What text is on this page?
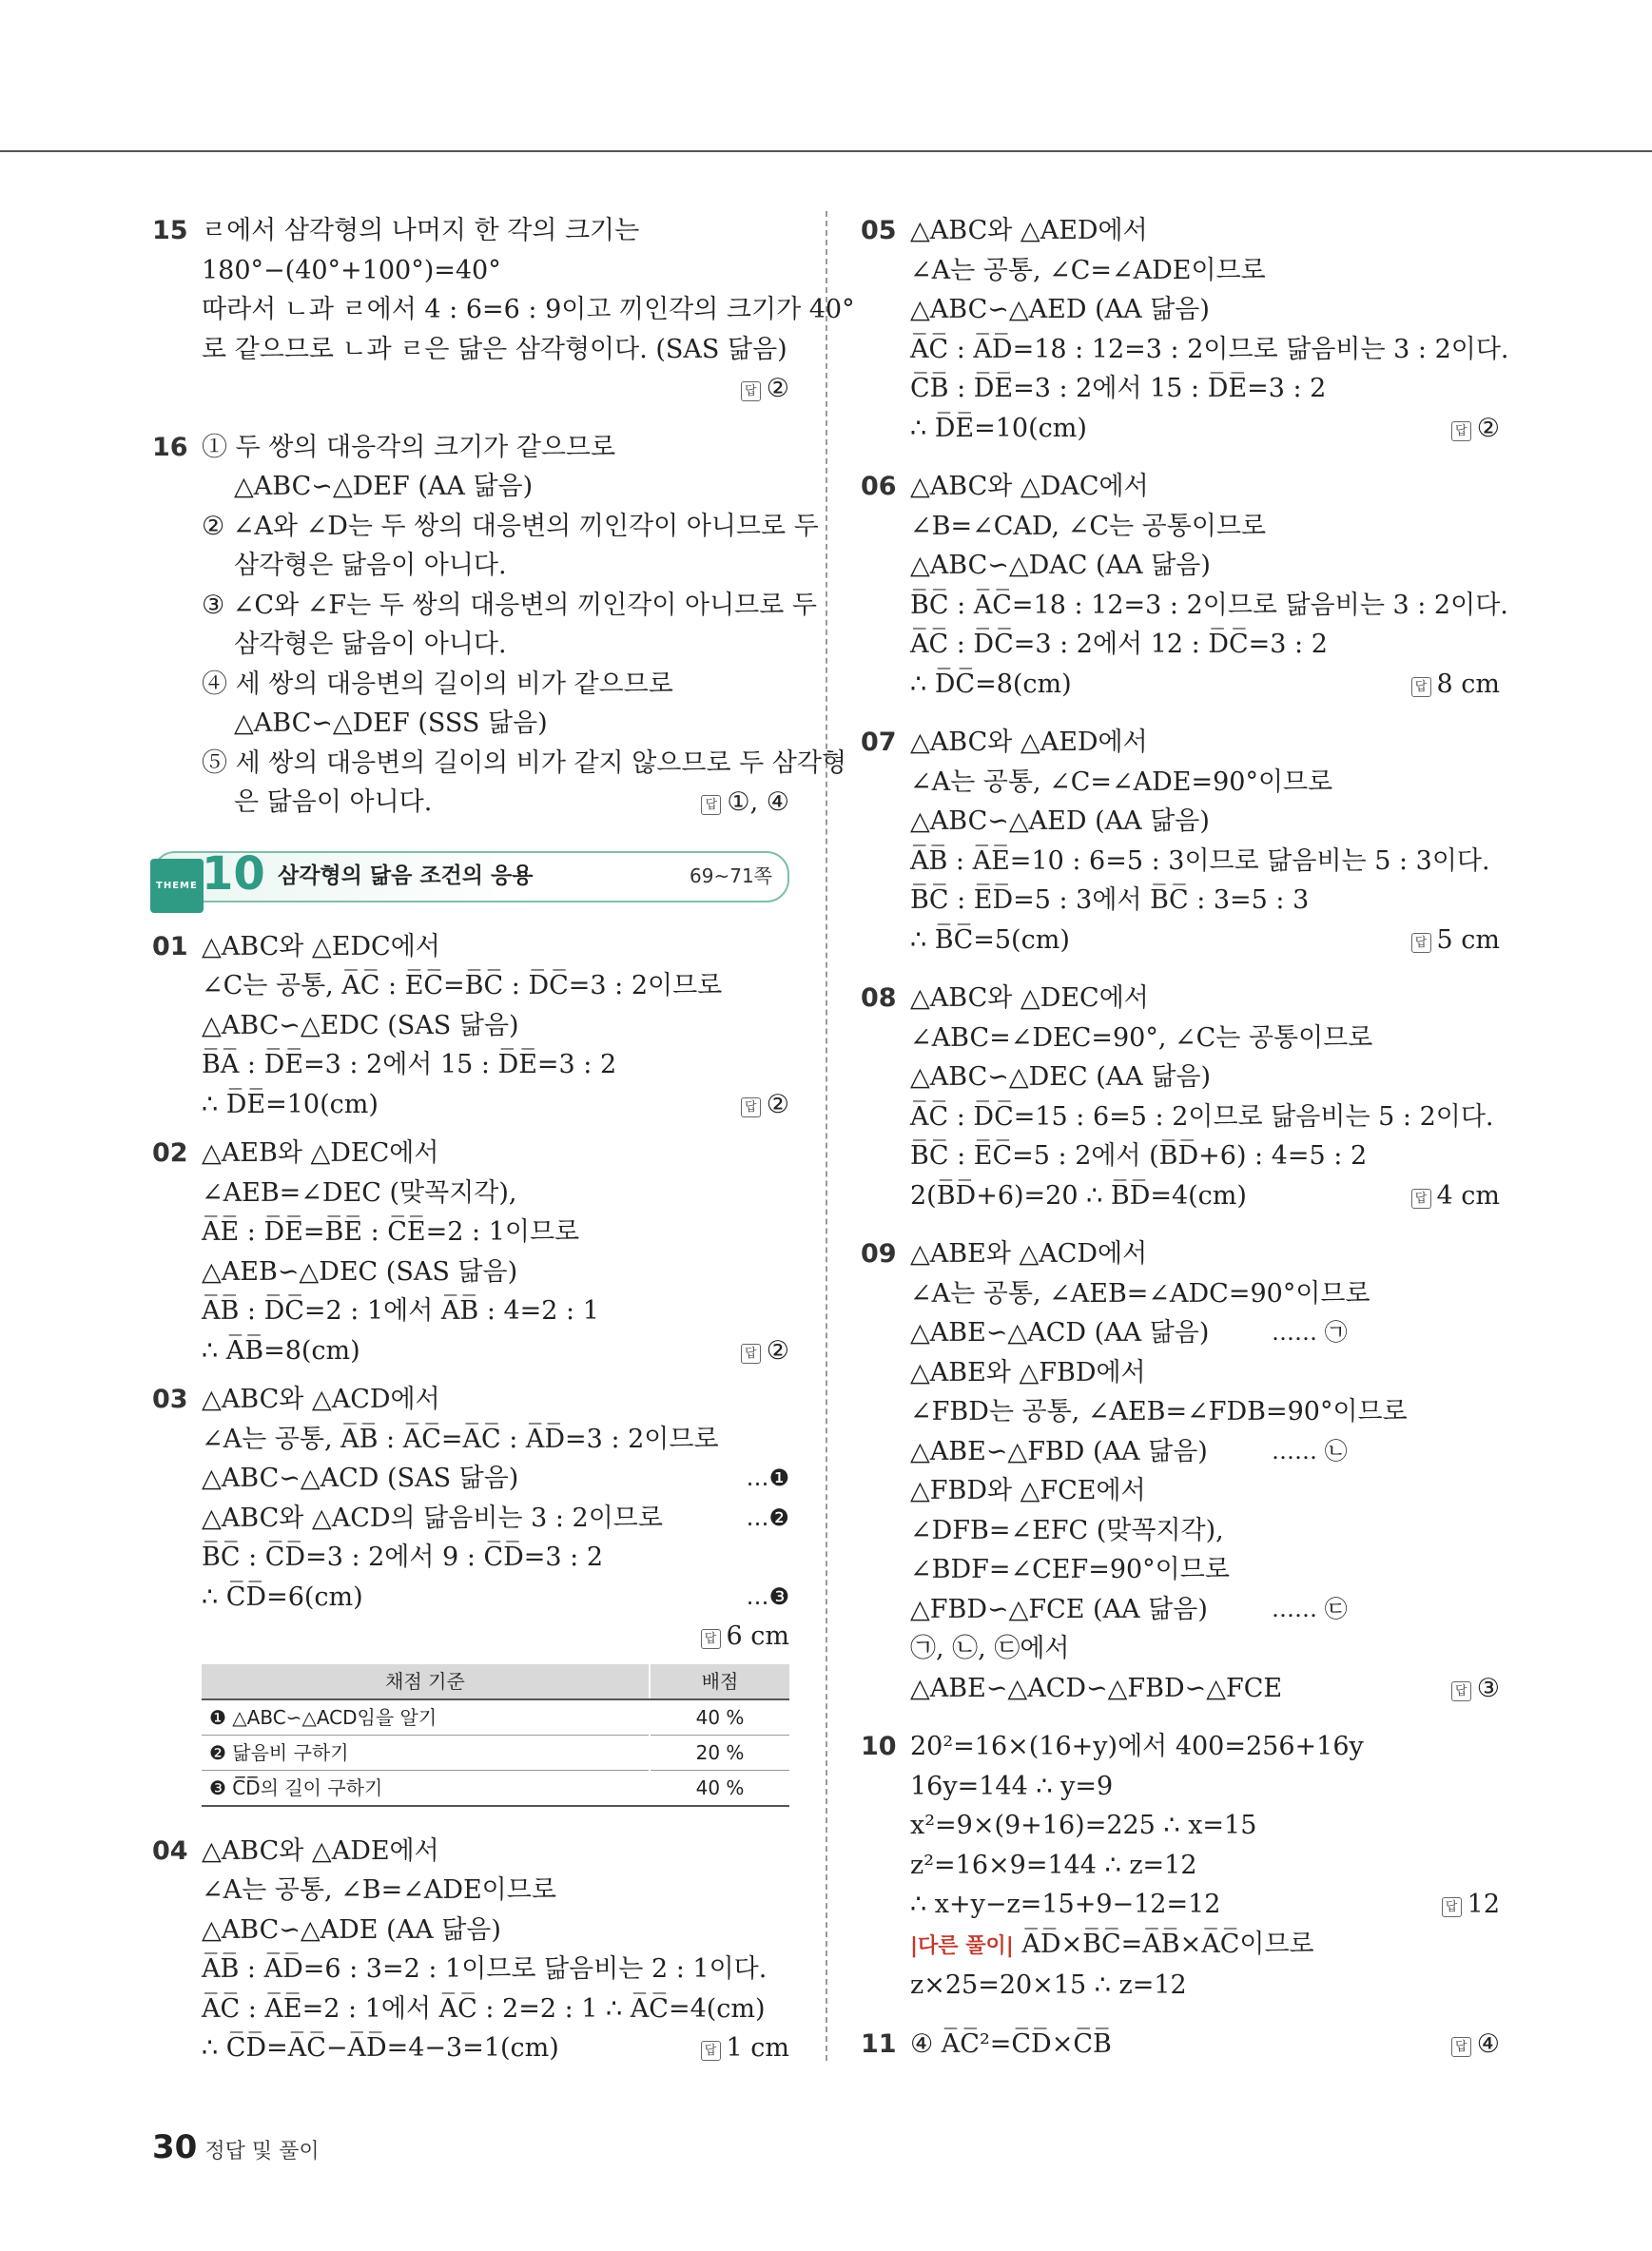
15 ㄹ에서 삼각형의 나머지 한 각의 크기는
180°−(40°+100°)=40°
따라서 ㄴ과 ㄹ에서 4 : 6=6 : 9이고 끼인각의 크기가 40°
로 같으므로 ㄴ과 ㄹ은 닮은 삼각형이다. (SAS 닮음)
답 ②
16 ① 두 쌍의 대응각의 크기가 같으므로
△ABC∽△DEF (AA 닮음)
② ∠A와 ∠D는 두 쌍의 대응변의 끼인각이 아니므로 두
삼각형은 닮음이 아니다.
③ ∠C와 ∠F는 두 쌍의 대응변의 끼인각이 아니므로 두
삼각형은 닮음이 아니다.
④ 세 쌍의 대응변의 길이의 비가 같으므로
△ABC∽△DEF (SSS 닮음)
⑤ 세 쌍의 대응변의 길이의 비가 같지 않으므로 두 삼각형
은 닮음이 아니다.	답 ①, ④
THEME 10 삼각형의 닮음 조건의 응용	69~71쪽
01 △ABC와 △EDC에서
∠C는 공통, A̅C̅ : E̅C̅=B̅C̅ : D̅C̅=3 : 2이므로
△ABC∽△EDC (SAS 닮음)
B̅A̅ : D̅E̅=3 : 2에서 15 : D̅E̅=3 : 2
∴ D̅E̅=10(cm)	답 ②
02 △AEB와 △DEC에서
∠AEB=∠DEC (맞꼭지각),
A̅E̅ : D̅E̅=B̅E̅ : C̅E̅=2 : 1이므로
△AEB∽△DEC (SAS 닮음)
A̅B̅ : D̅C̅=2 : 1에서 A̅B̅ : 4=2 : 1
∴ A̅B̅=8(cm)	답 ②
03 △ABC와 △ACD에서
∠A는 공통, A̅B̅ : A̅C̅=A̅C̅ : A̅D̅=3 : 2이므로
△ABC∽△ACD (SAS 닮음)	…❶
△ABC와 △ACD의 닮음비는 3 : 2이므로	…❷
B̅C̅ : C̅D̅=3 : 2에서 9 : C̅D̅=3 : 2
∴ C̅D̅=6(cm)	…❸
답 6 cm
채점 기준	배점
❶ △ABC∽△ACD임을 알기	40 %
❷ 닮음비 구하기	20 %
❸ C̅D̅의 길이 구하기	40 %
04 △ABC와 △ADE에서
∠A는 공통, ∠B=∠ADE이므로
△ABC∽△ADE (AA 닮음)
A̅B̅ : A̅D̅=6 : 3=2 : 1이므로 닮음비는 2 : 1이다.
A̅C̅ : A̅E̅=2 : 1에서 A̅C̅ : 2=2 : 1 ∴ A̅C̅=4(cm)
∴ C̅D̅=A̅C̅−A̅D̅=4−3=1(cm)	답 1 cm
05 △ABC와 △AED에서
∠A는 공통, ∠C=∠ADE이므로
△ABC∽△AED (AA 닮음)
A̅C̅ : A̅D̅=18 : 12=3 : 2이므로 닮음비는 3 : 2이다.
C̅B̅ : D̅E̅=3 : 2에서 15 : D̅E̅=3 : 2
∴ D̅E̅=10(cm)	답 ②
06 △ABC와 △DAC에서
∠B=∠CAD, ∠C는 공통이므로
△ABC∽△DAC (AA 닮음)
B̅C̅ : A̅C̅=18 : 12=3 : 2이므로 닮음비는 3 : 2이다.
A̅C̅ : D̅C̅=3 : 2에서 12 : D̅C̅=3 : 2
∴ D̅C̅=8(cm)	답 8 cm
07 △ABC와 △AED에서
∠A는 공통, ∠C=∠ADE=90°이므로
△ABC∽△AED (AA 닮음)
A̅B̅ : A̅E̅=10 : 6=5 : 3이므로 닮음비는 5 : 3이다.
B̅C̅ : E̅D̅=5 : 3에서 B̅C̅ : 3=5 : 3
∴ B̅C̅=5(cm)	답 5 cm
08 △ABC와 △DEC에서
∠ABC=∠DEC=90°, ∠C는 공통이므로
△ABC∽△DEC (AA 닮음)
A̅C̅ : D̅C̅=15 : 6=5 : 2이므로 닮음비는 5 : 2이다.
B̅C̅ : E̅C̅=5 : 2에서 (B̅D̅+6) : 4=5 : 2
2(B̅D̅+6)=20 ∴ B̅D̅=4(cm)	답 4 cm
09 △ABE와 △ACD에서
∠A는 공통, ∠AEB=∠ADC=90°이므로
△ABE∽△ACD (AA 닮음)	…… ㉠
△ABE와 △FBD에서
∠FBD는 공통, ∠AEB=∠FDB=90°이므로
△ABE∽△FBD (AA 닮음)	…… ㉡
△FBD와 △FCE에서
∠DFB=∠EFC (맞꼭지각),
∠BDF=∠CEF=90°이므로
△FBD∽△FCE (AA 닮음)	…… ㉢
㉠, ㉡, ㉢에서
△ABE∽△ACD∽△FBD∽△FCE	답 ③
10 20²=16×(16+y)에서 400=256+16y
16y=144 ∴ y=9
x²=9×(9+16)=225 ∴ x=15
z²=16×9=144 ∴ z=12
∴ x+y−z=15+9−12=12	답 12
|다른 풀이| A̅D̅×B̅C̅=A̅B̅×A̅C̅이므로
z×25=20×15 ∴ z=12
11 ④ A̅C̅²=C̅D̅×C̅B̅	답 ④
30 정답 및 풀이
